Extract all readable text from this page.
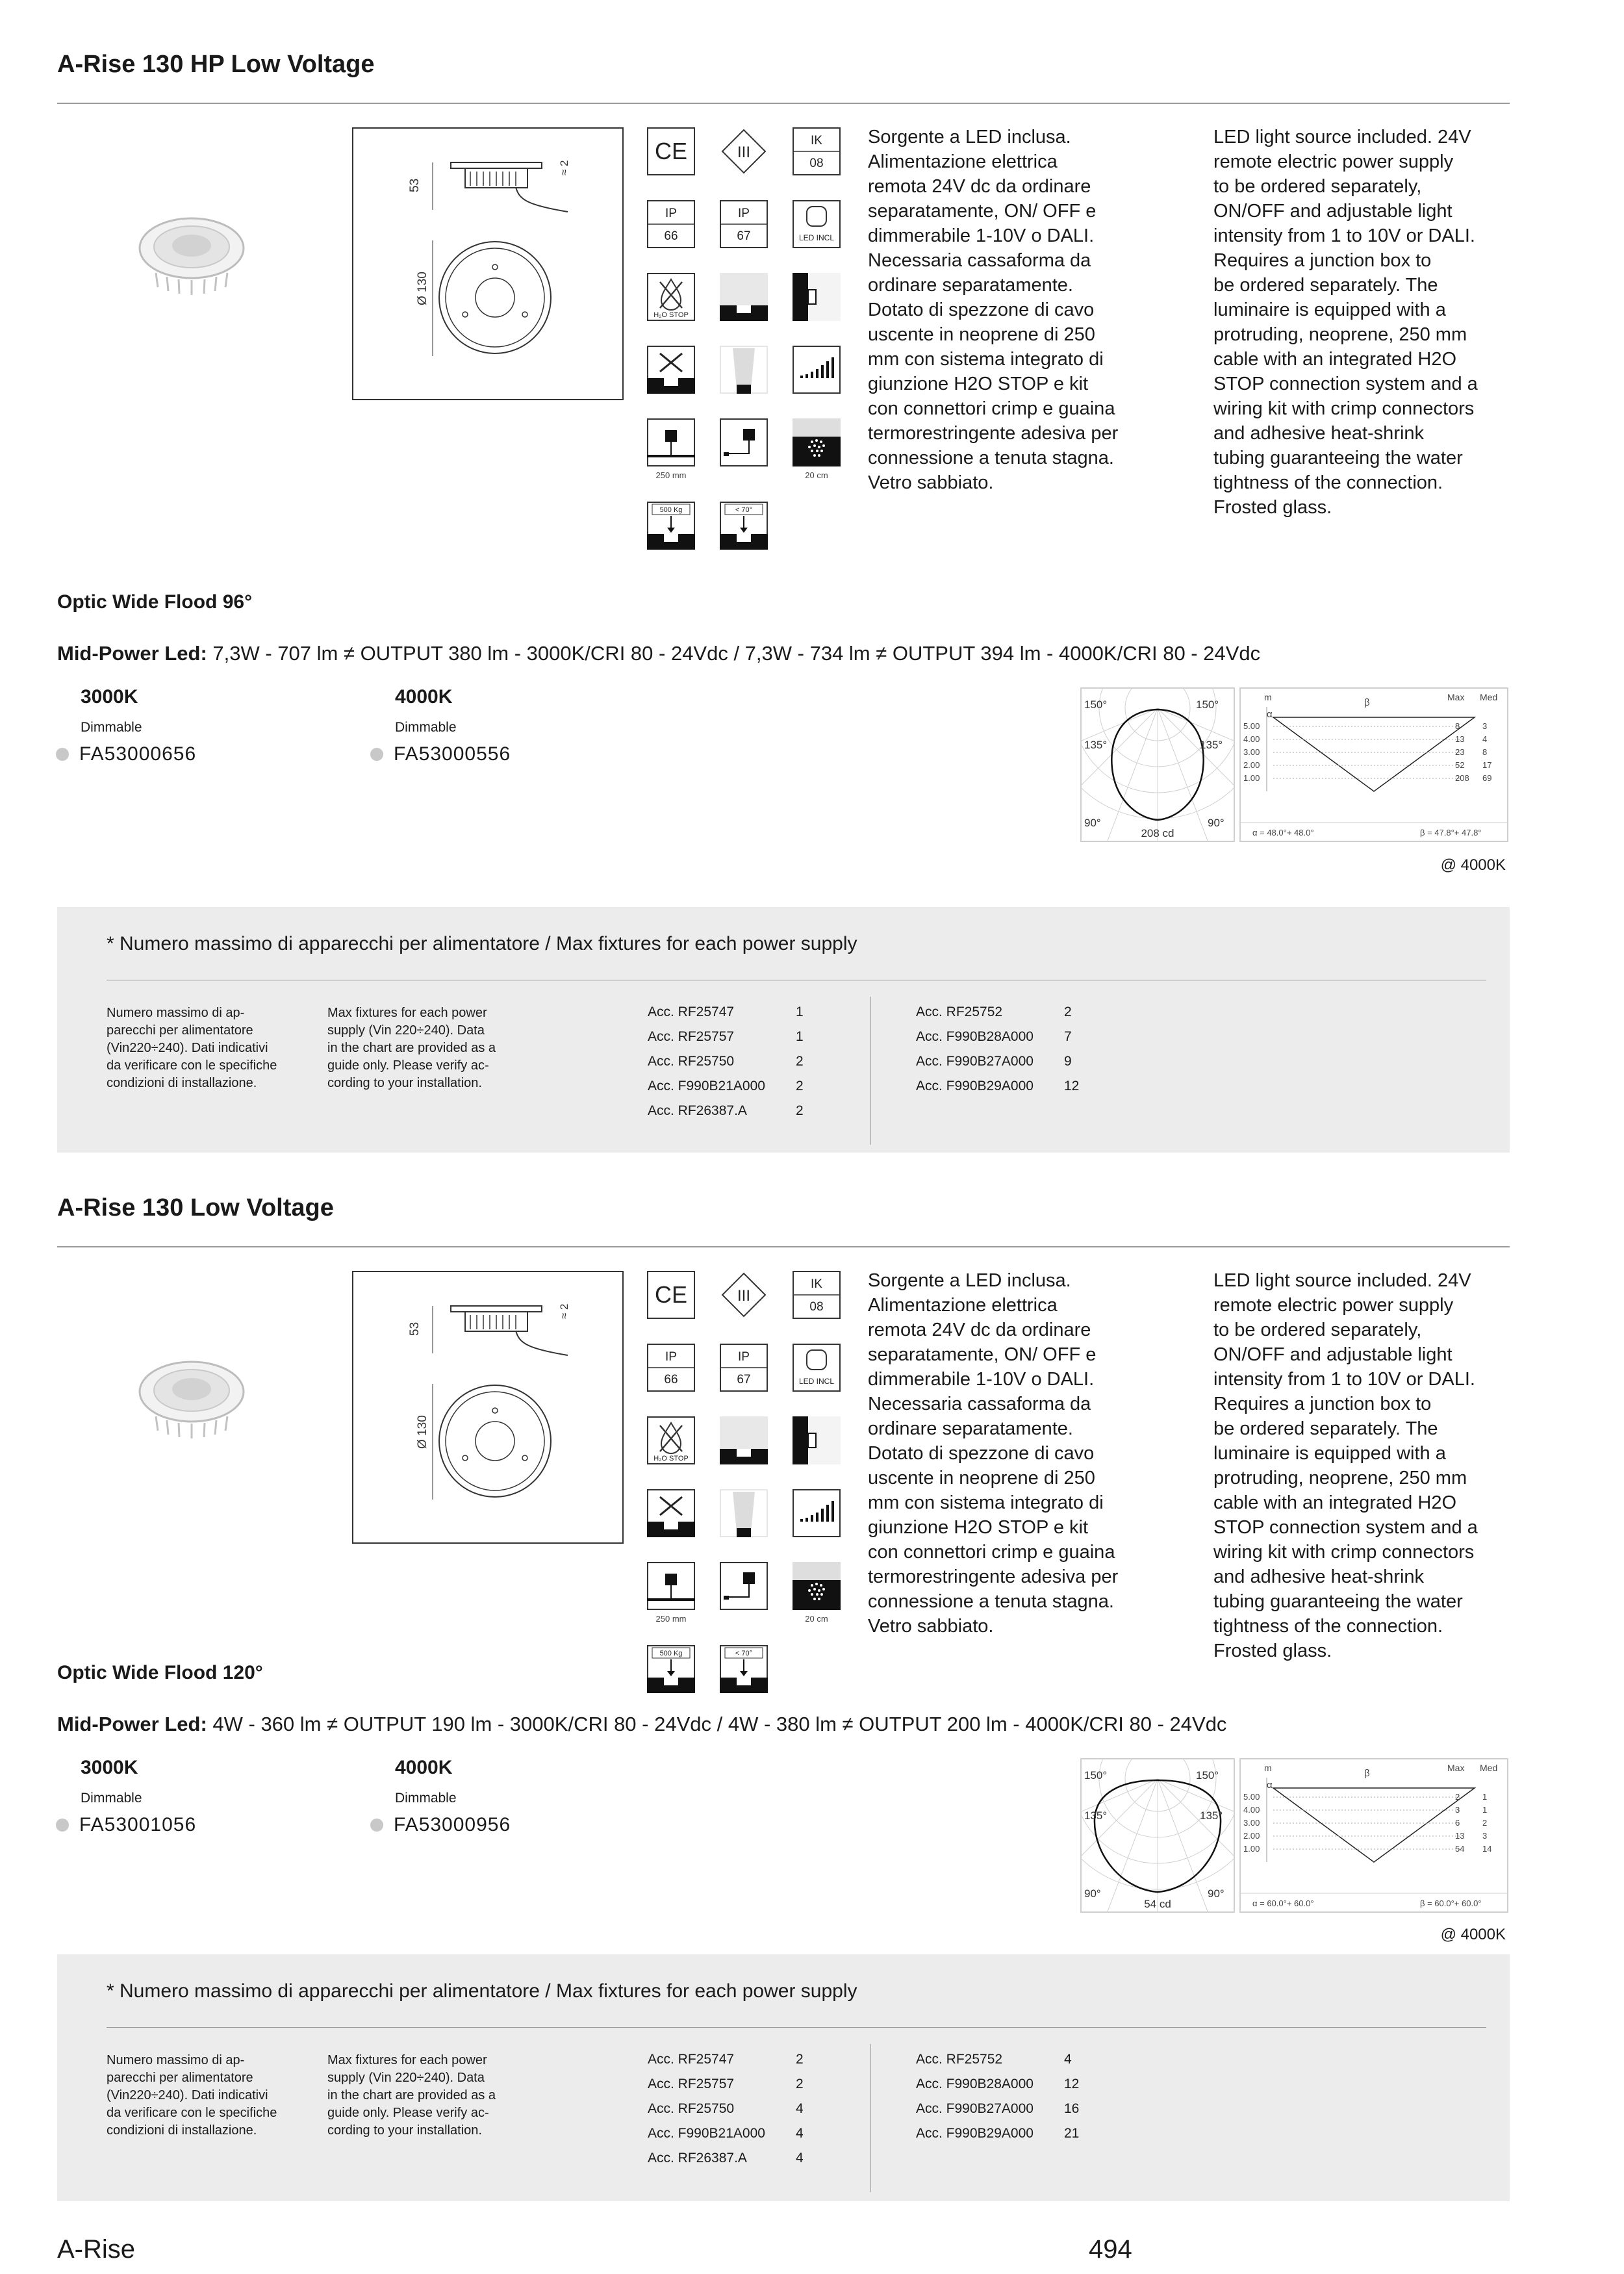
A-Rise 130 HP Low Voltage
53
≈ 2
Ø 130
CE	III
IK
08
IP
66
IP
67	LED INCL
H₂O STOP
250 mm	20 cm
500 Kg	< 70°
Sorgente a LED inclusa.
Alimentazione elettrica
remota 24V dc da ordinare
separatamente, ON/ OFF e
dimmerabile 1-10V o DALI.
Necessaria cassaforma da
ordinare separatamente.
Dotato di spezzone di cavo
uscente in neoprene di 250
mm con sistema integrato di
giunzione H2O STOP e kit
con connettori crimp e guaina
termorestringente adesiva per
connessione a tenuta stagna.
Vetro sabbiato.
LED light source included. 24V
remote electric power supply
to be ordered separately,
ON/OFF and adjustable light
intensity from 1 to 10V or DALI.
Requires a junction box to
be ordered separately. The
luminaire is equipped with a
protruding, neoprene, 250 mm
cable with an integrated H2O
STOP connection system and a
wiring kit with crimp connectors
and adhesive heat-shrink
tubing guaranteeing the water
tightness of the connection.
Frosted glass.
Optic Wide Flood 96°
Mid-Power Led: 7,3W - 707 lm ≠ OUTPUT 380 lm - 3000K/CRI 80 - 24Vdc / 7,3W - 734 lm ≠ OUTPUT 394 lm - 4000K/CRI 80 - 24Vdc
3000K
Dimmable
FA53000656
4000K
Dimmable
FA53000556
150°	150°
135°	135°
90°	90°
208 cd
m	Max Med
β
α
5.00	8	3
4.00	13 4
3.00	23 8
2.00	52 17
1.00	208 69
α = 48.0°+ 48.0°	β = 47.8°+ 47.8°
@ 4000K
* Numero massimo di apparecchi per alimentatore / Max fixtures for each power supply
Numero massimo di ap-
parecchi per alimentatore
(Vin220÷240). Dati indicativi
da verificare con le specifiche
condizioni di installazione.
Max fixtures for each power
supply (Vin 220÷240). Data
in the chart are provided as a
guide only. Please verify ac-
cording to your installation.
Acc. RF25747	1
Acc. RF25757	1
Acc. RF25750	2
Acc. F990B21A000	2
Acc. RF26387.A	2
Acc. RF25752	2
Acc. F990B28A000	7
Acc. F990B27A000	9
Acc. F990B29A000	12
A-Rise 130 Low Voltage
53
≈ 2
Ø 130
CE	III
IK
08
IP
66
IP
67	LED INCL
H₂O STOP
250 mm	20 cm
500 Kg	< 70°
Sorgente a LED inclusa.
Alimentazione elettrica
remota 24V dc da ordinare
separatamente, ON/ OFF e
dimmerabile 1-10V o DALI.
Necessaria cassaforma da
ordinare separatamente.
Dotato di spezzone di cavo
uscente in neoprene di 250
mm con sistema integrato di
giunzione H2O STOP e kit
con connettori crimp e guaina
termorestringente adesiva per
connessione a tenuta stagna.
Vetro sabbiato.
LED light source included. 24V
remote electric power supply
to be ordered separately,
ON/OFF and adjustable light
intensity from 1 to 10V or DALI.
Requires a junction box to
be ordered separately. The
luminaire is equipped with a
protruding, neoprene, 250 mm
cable with an integrated H2O
STOP connection system and a
wiring kit with crimp connectors
and adhesive heat-shrink
tubing guaranteeing the water
tightness of the connection.
Frosted glass.
Optic Wide Flood 120°
Mid-Power Led: 4W - 360 lm ≠ OUTPUT 190 lm - 3000K/CRI 80 - 24Vdc / 4W - 380 lm ≠ OUTPUT 200 lm - 4000K/CRI 80 - 24Vdc
3000K
Dimmable
FA53001056
4000K
Dimmable
FA53000956
150°	150°
135°	135°
90°	90°
54 cd
m	Max Med
β
α
5.00	2	1
4.00	3	1
3.00	6	2
2.00	13 3
1.00	54 14
α = 60.0°+ 60.0°	β = 60.0°+ 60.0°
@ 4000K
* Numero massimo di apparecchi per alimentatore / Max fixtures for each power supply
Numero massimo di ap-
parecchi per alimentatore
(Vin220÷240). Dati indicativi
da verificare con le specifiche
condizioni di installazione.
Max fixtures for each power
supply (Vin 220÷240). Data
in the chart are provided as a
guide only. Please verify ac-
cording to your installation.
Acc. RF25747	2
Acc. RF25757	2
Acc. RF25750	4
Acc. F990B21A000	4
Acc. RF26387.A	4
Acc. RF25752	4
Acc. F990B28A000	12
Acc. F990B27A000	16
Acc. F990B29A000	21
A-Rise	494
